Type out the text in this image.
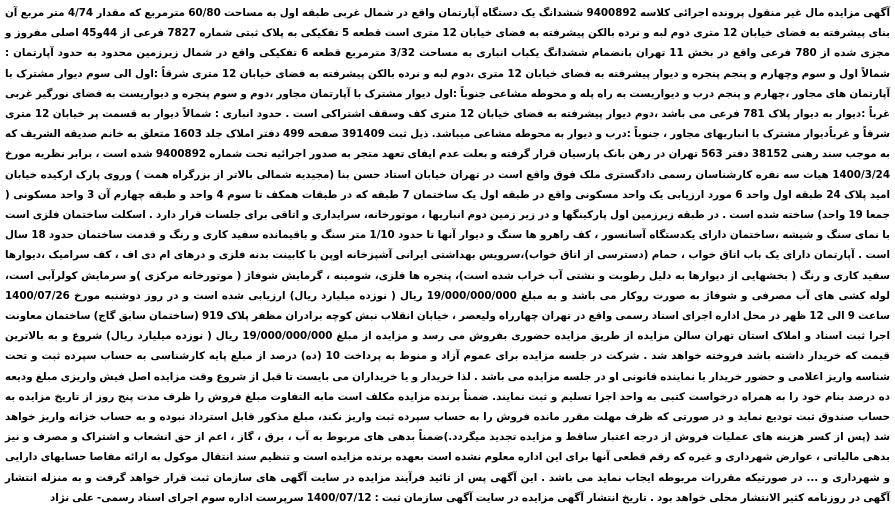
آگهی مزایده مال غیر منقول پرونده اجرائی کلاسه 9400892 ششدانگ یک دستگاه آپارتمان واقع در شمال غربی طبقه اول به مساحت 60/80 مترمربع که مقدار 4/74 متر مربع آن بنای پیشرفته به فضای خیابان 12 متری دوم لبه و نرده بالکن پیشرفته به فضای خیابان 12 متری است قطعه 5 تفکیکی به پلاک ثبتی شماره 7827 فرعی از 44و45 اصلی مفروز و مجزی شده از 780 فرعی واقع در بخش 11 تهران بانضمام ششدانگ یکباب انباری به مساحت 3/32 مترمربع قطعه 6 تفکیکی واقع در شمال زیرزمین محدود به حدود آپارتمان : شمالاً اول و سوم وچهارم و پنجم پنجره و دیوار پیشرفته به فضای خیابان 12 متری ،دوم لبه و نرده بالکن پیشرفته به فضای خیابان 12 متری شرقاً :اول الی سوم دیوار مشترک با آپارتمان های مجاور ،چهارم و پنجم درب و دیواریست به راه پله و محوطه مشاعی جنوباً :اول دیوار مشترک با آپارتمان مجاور ،دوم و سوم پنجره و دیواریست به فضای نورگیر غربی غرباً :دیوار به دیوار پلاک 781 فرعی می باشد ،دوم دیوار پیشرفته به فضای خیابان 12 متری کف وسقف اشتراکی است . حدود انباری : شمالاً دیوار به قسمت پر خیابان 12 متری شرقاً و غرباًدیوار مشترک با انباریهای مجاور ، جنوباً :درب و دیوار به محوطه مشاعی میباشد. ذیل ثبت 391409 صفحه 499 دفتر املاک جلد 1603 متعلق به خانم صدیقه الشریف که به موجب سند رهنی 38152 دفتر 563 تهران در رهن بانک پارسیان قرار گرفته و بعلت عدم ایفای تعهد متجر به صدور اجرائیه تحت شماره 9400892 شده است ، برابر نظریه مورخ 1400/3/24 هیات سه نفره کارشناسان رسمی دادگستری ملک فوق واقع است در تهران خیابان استاد حسن بنا (مجیدیه شمالی بالاتر از بزرگراه همت ) وروی پارک ارکیده خیابان امید پلاک 24 طبقه اول واحد 6 مورد ارزیابی یک واحد مسکونی واقع در طبقه اول یک ساختمان 7 طبقه که در طبقات همکف تا سوم 4 واحد و طبقه چهارم آن 3 واحد مسکونی ( جمعا 19 واحد) ساخته شده است . در طبقه زیرزمین اول پارکینگها و در زیر زمین دوم انباریها ، موتورخانه، سرایداری و اتاقی برای جلسات قرار دارد . اسکلت ساختمان فلزی است با نمای سنگ و شیشه ،ساختمان دارای یکدستگاه آسانسور ، کف راهرو ها سنگ و دیوار آنها تا حدود 1/10 متر سنگ و باقیمانده سفید کاری و رنگ و قدمت ساختمان حدود 18 سال است . آپارتمان دارای یک باب اتاق خواب ، حمام (دسترسی از اتاق خواب)،سرویس بهداشتی ایرانی آشپزخانه اوپن با کابینت بدنه فلزی و درهای ام دی اف ، کف سرامیک ،دیوارها سفید کاری و رنگ ( بخشهایی از دیوارها به دلیل رطوبت و نشتی آب خراب شده است)، پنجره ها فلزی، شومینه ، گرمایش شوفاژ ( موتورخانه مرکزی )و سرمایش کولرآبی است، لوله کشی های آب مصرفی و شوفاژ به صورت روکار می باشد و به مبلغ 19/000/000/000 ریال ( نوزده میلیارد ریال) ارزیابی شده است و در روز دوشنبه مورخ 1400/07/26 ساعت 9 الی 12 ظهر در محل اداره اجرای اسناد رسمی واقع در تهران چهارراه ولیعصر ، خیابان انقلاب نبش کوچه برادران مظفر پلاک 919 (ساختمان سابق گاج) ساختمان معاونت اجرا ثبت اسناد و املاک استان تهران سالن مزایده از طریق مزایده حضوری بفروش می رسد و مزایده از مبلغ 19/000/000/000 ریال ( نوزده میلیارد ریال) شروع و به بالاترین قیمت که خریدار داشته باشد فروخته خواهد شد . شرکت در جلسه مزایده برای عموم آزاد و منوط به پرداخت 10 (ده) درصد از مبلغ پایه کارشناسی به حساب سپرده ثبت و تحت شناسه واریز اعلامی و حضور خریدار یا نماینده قانونی او در جلسه مزایده می باشد . لذا خریدار و یا خریداران می بایست تا قبل از شروع وقت مزایده اصل فیش واریزی مبلغ ودیعه ده درصد بنام خود را به همراه درخواست کتبی به واحد اجرا تسلیم و ثبت نمایند. ضمناً برنده مزایده مکلف است مابه التفاوت مبلغ فروش را ظرف مدت پنج روز از تاریخ مزایده به حساب صندوق ثبت تودیع نماید و در صورتی که ظرف مهلت مقرر مانده فروش را به حساب سپرده ثبت واریز نکند، مبلغ مذکور قابل استرداد نبوده و به حساب خزانه واریز خواهد شد (پس از کسر هزینه های عملیات فروش از درجه اعتبار ساقط و مزایده تجدید میگردد.)ضمناً بدهی های مربوط به آب ، برق ، گاز ، اعم از حق انشعاب و اشتراک و مصرف و نیز بدهی مالیاتی ، عوارض شهرداری و غیره که رقم قطعی آنها برای این اداره معلوم نشده است بعهده برنده مزایده است و تنظیم سند انتقال موکول به ارائه مفاصا حسابهای دارایی و شهرداری و ... در صورتیکه مقررات مربوطه ایجاب نماید می باشد . این آگهی پس از تائید فرآیند مزایده در سایت آگهی های سازمان ثبت قرار خواهد گرفت و به منزله انتشار آگهی در روزنامه کثیر الانتشار محلی خواهد بود . تاریخ انتشار آگهی مزایده در سایت آگهی سازمان ثبت : 1400/07/12 سرپرست اداره سوم اجرای اسناد رسمی- علی نژاد
